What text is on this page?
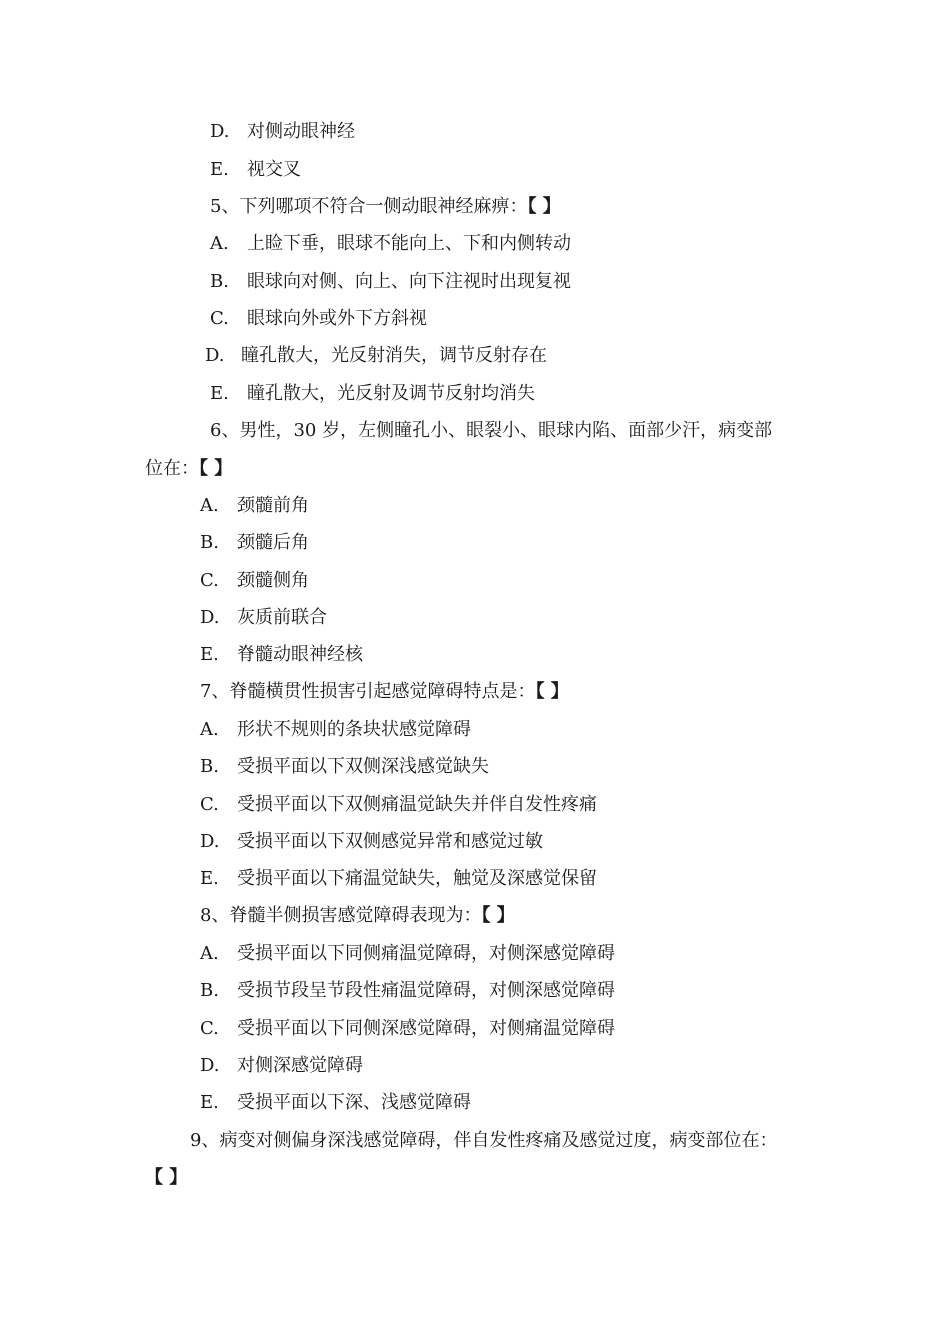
D. 对侧动眼神经
E. 视交叉
5、下列哪项不符合一侧动眼神经麻痹：【 】
A. 上睑下垂，眼球不能向上、下和内侧转动
B. 眼球向对侧、向上、向下注视时出现复视
C. 眼球向外或外下方斜视
D. 瞳孔散大，光反射消失，调节反射存在
E. 瞳孔散大，光反射及调节反射均消失
6、男性，30 岁，左侧瞳孔小、眼裂小、眼球内陷、面部少汗，病变部
位在：【 】
A. 颈髓前角
B. 颈髓后角
C. 颈髓侧角
D. 灰质前联合
E. 脊髓动眼神经核
7、脊髓横贯性损害引起感觉障碍特点是：【 】
A. 形状不规则的条块状感觉障碍
B. 受损平面以下双侧深浅感觉缺失
C. 受损平面以下双侧痛温觉缺失并伴自发性疼痛
D. 受损平面以下双侧感觉异常和感觉过敏
E. 受损平面以下痛温觉缺失，触觉及深感觉保留
8、脊髓半侧损害感觉障碍表现为：【 】
A. 受损平面以下同侧痛温觉障碍，对侧深感觉障碍
B. 受损节段呈节段性痛温觉障碍，对侧深感觉障碍
C. 受损平面以下同侧深感觉障碍，对侧痛温觉障碍
D. 对侧深感觉障碍
E. 受损平面以下深、浅感觉障碍
9、病变对侧偏身深浅感觉障碍，伴自发性疼痛及感觉过度，病变部位在：
【 】
